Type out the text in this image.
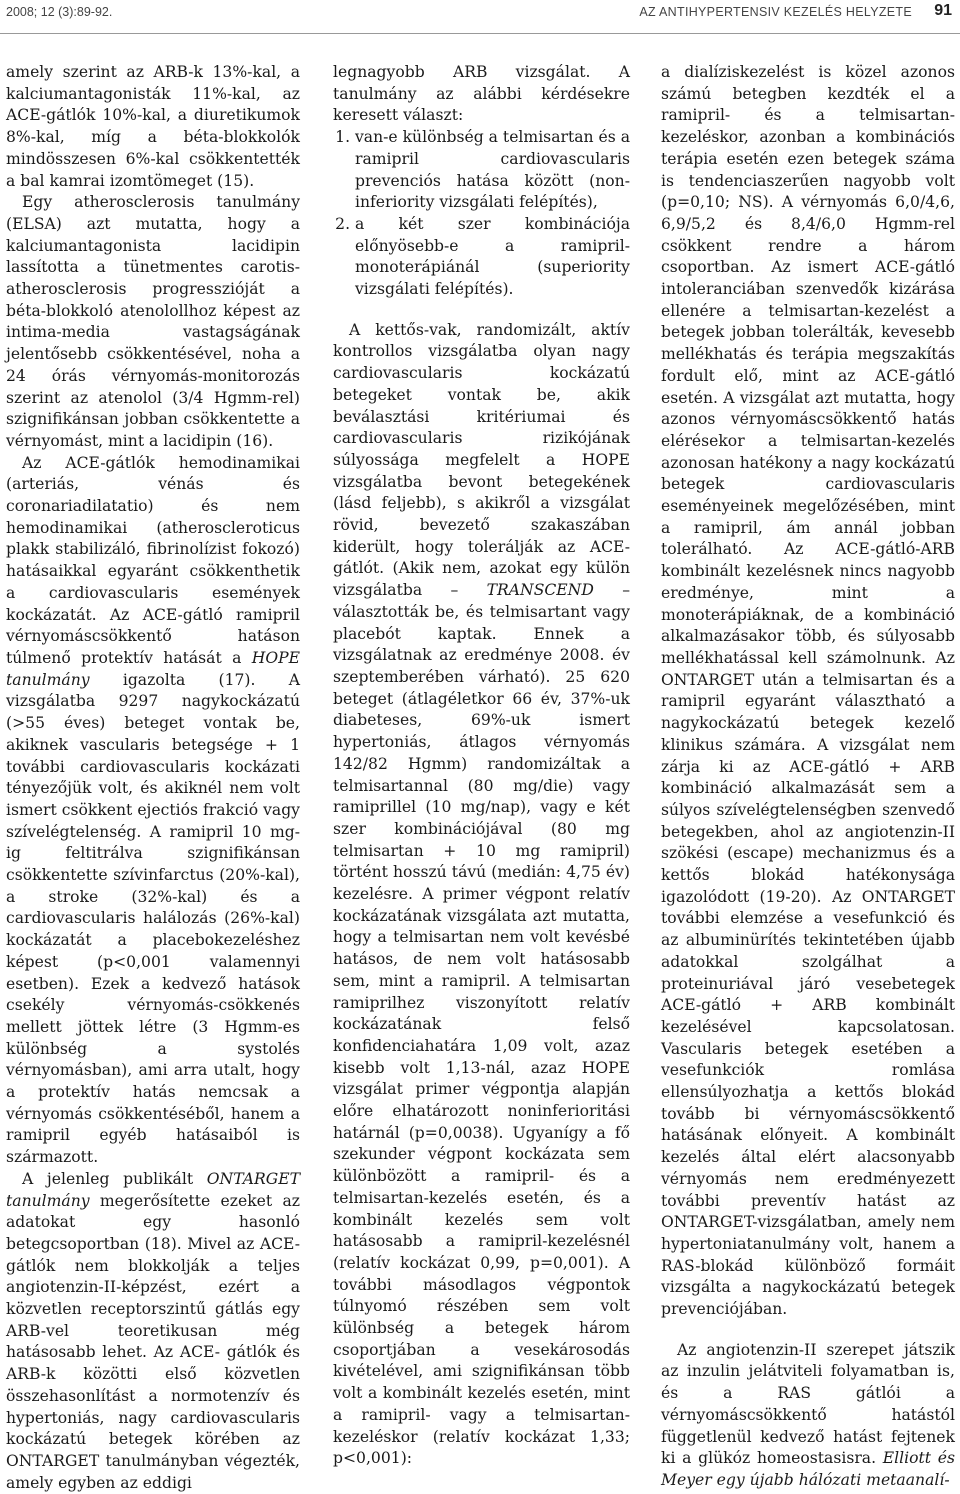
2008; 12 (3):89-92.	AZ ANTIHYPERTENSIV KEZELÉS HELYZETE 91

amely szerint az ARB-k 13%-kal, a kalciumantagonisták 11%-kal, az ACE-gátlók 10%-kal, a diuretikumok 8%-kal, míg a béta-blokkolók mindösszesen 6%-kal csökkentették a bal kamrai izomtömeget (15).

Egy atherosclerosis tanulmány (ELSA) azt mutatta, hogy a kalciumantagonista lacidipin lassította a tünetmentes carotis-atherosclerosis progresszióját a béta-blokkoló atenolollhoz képest az intima-media vastagságának jelentősebb csökkentésével, noha a 24 órás vérnyomás-monitorozás szerint az atenolol (3/4 Hgmm-rel) szignifikánsan jobban csökkentette a vérnyomást, mint a lacidipin (16).

Az ACE-gátlók hemodinamikai (arteriás, vénás és coronariadilatatio) és nem hemodinamikai (atheroscleroticus plakk stabilizáló, fibrinolízist fokozó) hatásaikkal egyaránt csökkenthetik a cardiovascularis események kockázatát. Az ACE-gátló ramipril vérnyomáscsökkentő hatáson túlmenő protektív hatását a HOPE tanulmány igazolta (17). A vizsgálatba 9297 nagykockázatú (>55 éves) beteget vontak be, akiknek vascularis betegsége + 1 további cardiovascularis kockázati tényezőjük volt, és akiknél nem volt ismert csökkent ejectiós frakció vagy szívelégtelenség. A ramipril 10 mg-ig feltitrálva szignifikánsan csökkentette szívinfarctus (20%-kal), a stroke (32%-kal) és a cardiovascularis halálozás (26%-kal) kockázatát a placebokezeléshez képest (p<0,001 valamennyi esetben). Ezek a kedvező hatások csekély vérnyomás-csökkenés mellett jöttek létre (3 Hgmm-es különbség a systolés vérnyomásban), ami arra utalt, hogy a protektív hatás nemcsak a vérnyomás csökkentéséből, hanem a ramipril egyéb hatásaiból is származott.

A jelenleg publikált ONTARGET tanulmány megerősítette ezeket az adatokat egy hasonló betegcsoportban (18). Mivel az ACE-gátlók nem blokkolják a teljes angiotenzin-II-képzést, ezért a közvetlen receptorszintű gátlás egy ARB-vel teoretikusan még hatásosabb lehet. Az ACE- gátlók és ARB-k közötti első közvetlen összehasonlítást a normotenzív és hypertoniás, nagy cardiovascularis kockázatú betegek körében az ONTARGET tanulmányban végezték, amely egyben az eddigi

legnagyobb ARB vizsgálat. A tanulmány az alábbi kérdésekre keresett választ:

1. van-e különbség a telmisartan és a ramipril cardiovascularis prevenciós hatása között (non-inferiority vizsgálati felépítés),
2. a két szer kombinációja előnyösebb-e a ramipril-monoterápiánál (superiority vizsgálati felépítés).

A kettős-vak, randomizált, aktív kontrollos vizsgálatba olyan nagy cardiovascularis kockázatú betegeket vontak be, akik beválasztási kritériumai és cardiovascularis rizikójának súlyossága megfelelt a HOPE vizsgálatba bevont betegekének (lásd feljebb), s akikről a vizsgálat rövid, bevezető szakaszában kiderült, hogy tolerálják az ACE-gátlót. (Akik nem, azokat egy külön vizsgálatba – TRANSCEND – választották be, és telmisartant vagy placebót kaptak. Ennek a vizsgálatnak az eredménye 2008. év szeptemberében várható). 25 620 beteget (átlagéletkor 66 év, 37%-uk diabeteses, 69%-uk ismert hypertoniás, átlagos vérnyomás 142/82 Hgmm) randomizáltak a telmisartannal (80 mg/die) vagy ramiprillel (10 mg/nap), vagy e két szer kombinációjával (80 mg telmisartan + 10 mg ramipril) történt hosszú távú (medián: 4,75 év) kezelésre. A primer végpont relatív kockázatának vizsgálata azt mutatta, hogy a telmisartan nem volt kevésbé hatásos, de nem volt hatásosabb sem, mint a ramipril. A telmisartan ramiprilhez viszonyított relatív kockázatának felső konfidenciahatára 1,09 volt, azaz kisebb volt 1,13-nál, azaz HOPE vizsgálat primer végpontja alapján előre elhatározott noninferioritási határnál (p=0,0038). Ugyanígy a fő szekunder végpont kockázata sem különbözött a ramipril- és a telmisartan-kezelés esetén, és a kombinált kezelés sem volt hatásosabb a ramipril-kezelésnél (relatív kockázat 0,99, p=0,001). A további másodlagos végpontok túlnyomó részében sem volt különbség a betegek három csoportjában a vesekárosodás kivételével, ami szignifikánsan több volt a kombinált kezelés esetén, mint a ramipril- vagy a telmisartan-kezeléskor (relatív kockázat 1,33; p<0,001):

a dialíziskezelést is közel azonos számú betegben kezdték el a ramipril- és a telmisartan-kezeléskor, azonban a kombinációs terápia esetén ezen betegek száma is tendenciaszerűen nagyobb volt (p=0,10; NS). A vérnyomás 6,0/4,6, 6,9/5,2 és 8,4/6,0 Hgmm-rel csökkent rendre a három csoportban. Az ismert ACE-gátló intoleranciában szenvedők kizárása ellenére a telmisartan-kezelést a betegek jobban tolerálták, kevesebb mellékhatás és terápia megszakítás fordult elő, mint az ACE-gátló esetén. A vizsgálat azt mutatta, hogy azonos vérnyomáscsökkentő hatás elérésekor a telmisartan-kezelés azonosan hatékony a nagy kockázatú betegek cardiovascularis eseményeinek megelőzésében, mint a ramipril, ám annál jobban tolerálható. Az ACE-gátló-ARB kombinált kezelésnek nincs nagyobb eredménye, mint a monoterápiáknak, de a kombináció alkalmazásakor több, és súlyosabb mellékhatással kell számolnunk. Az ONTARGET után a telmisartan és a ramipril egyaránt választható a nagykockázatú betegek kezelő klinikus számára. A vizsgálat nem zárja ki az ACE-gátló + ARB kombináció alkalmazását sem a súlyos szívelégtelenségben szenvedő betegekben, ahol az angiotenzin-II szökési (escape) mechanizmus és a kettős blokád hatékonysága igazolódott (19-20). Az ONTARGET további elemzése a vesefunkció és az albuminürítés tekintetében újabb adatokkal szolgálhat a proteinuriával járó vesebetegek ACE-gátló + ARB kombinált kezelésével kapcsolatosan. Vascularis betegek esetében a vesefunkciók romlása ellensúlyozhatja a kettős blokád tovább bi vérnyomáscsökkentő hatásának előnyeit. A kombinált kezelés által elért alacsonyabb vérnyomás nem eredményezett további preventív hatást az ONTARGET-vizsgálatban, amely nem hypertoniatanulmány volt, hanem a RAS-blokád különböző formáit vizsgálta a nagykockázatú betegek prevenciójában.

Az angiotenzin-II szerepet játszik az inzulin jelátviteli folyamatban is, és a RAS gátlói a vérnyomáscsökkentő hatástól függetlenül kedvező hatást fejtenek ki a glükóz homeostasisra. Elliott és Meyer egy újabb hálózati metaanalí-
